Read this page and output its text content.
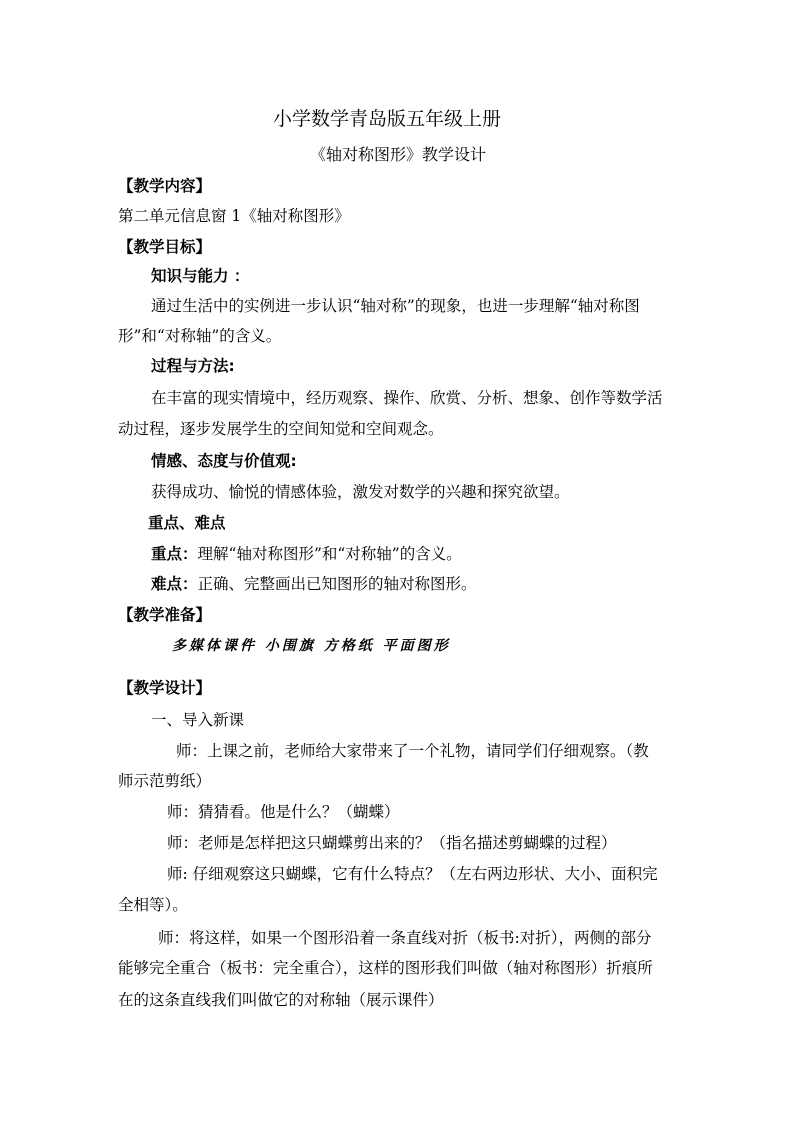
小学数学青岛版五年级上册
《轴对称图形》教学设计
【教学内容】
第二单元信息窗 1《轴对称图形》
【教学目标】
知识与能力 ：
通过生活中的实例进一步认识“轴对称”的现象，也进一步理解“轴对称图
形”和“对称轴”的含义。
过程与方法:
在丰富的现实情境中，经历观察、操作、欣赏、分析、想象、创作等数学活
动过程，逐步发展学生的空间知觉和空间观念。
情感、态度与价值观:
获得成功、愉悦的情感体验，激发对数学的兴趣和探究欲望。
重点、难点
重点：理解“轴对称图形”和“对称轴”的含义。
难点：正确、完整画出已知图形的轴对称图形。
【教学准备】
多媒体课件 小围旗 方格纸 平面图形
【教学设计】
一、导入新课
师：上课之前，老师给大家带来了一个礼物，请同学们仔细观察。（教
师示范剪纸）
师：猜猜看。他是什么？（蝴蝶）
师：老师是怎样把这只蝴蝶剪出来的？（指名描述剪蝴蝶的过程）
师: 仔细观察这只蝴蝶，它有什么特点？（左右两边形状、大小、面积完
全相等）。
师：将这样，如果一个图形沿着一条直线对折（板书:对折），两侧的部分
能够完全重合（板书：完全重合），这样的图形我们叫做（轴对称图形）折痕所
在的这条直线我们叫做它的对称轴（展示课件）
